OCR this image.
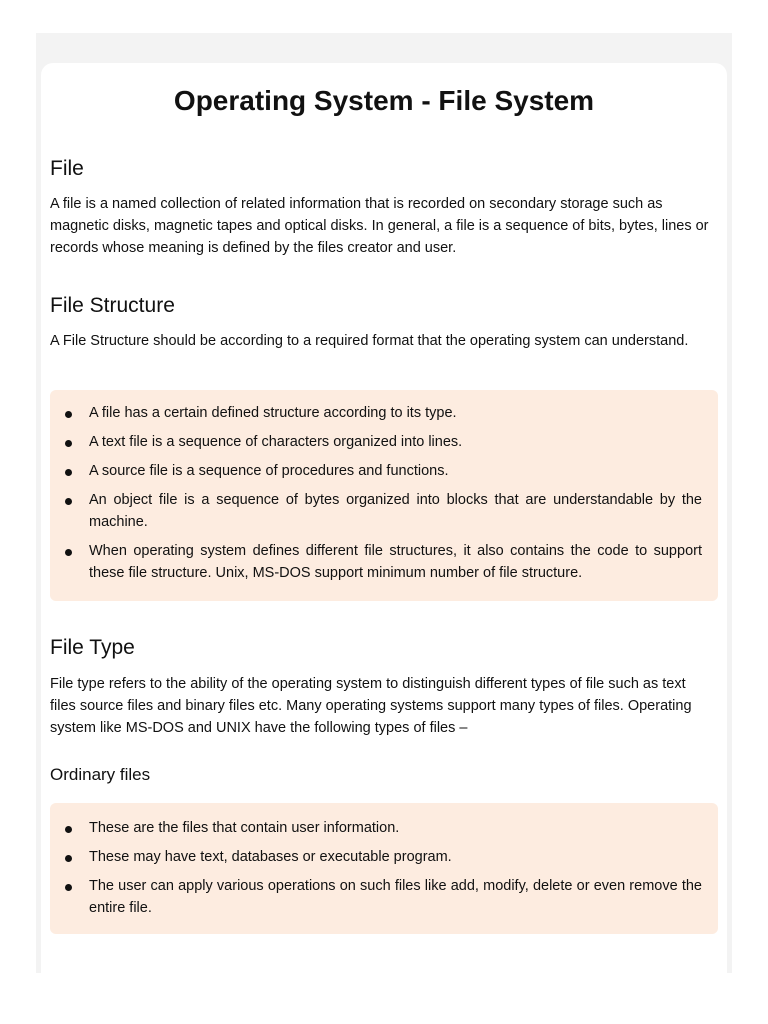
Operating System - File System
File

A file is a named collection of related information that is recorded on secondary storage such as magnetic disks, magnetic tapes and optical disks. In general, a file is a sequence of bits, bytes, lines or records whose meaning is defined by the files creator and user.

File Structure

A File Structure should be according to a required format that the operating system can understand.

A file has a certain defined structure according to its type.
A text file is a sequence of characters organized into lines.
A source file is a sequence of procedures and functions.
An object file is a sequence of bytes organized into blocks that are understandable by the machine.
When operating system defines different file structures, it also contains the code to support these file structure. Unix, MS-DOS support minimum number of file structure.
File Type

File type refers to the ability of the operating system to distinguish different types of file such as text files source files and binary files etc. Many operating systems support many types of files. Operating system like MS-DOS and UNIX have the following types of files –

Ordinary files
These are the files that contain user information.
These may have text, databases or executable program.
The user can apply various operations on such files like add, modify, delete or even remove the entire file.
